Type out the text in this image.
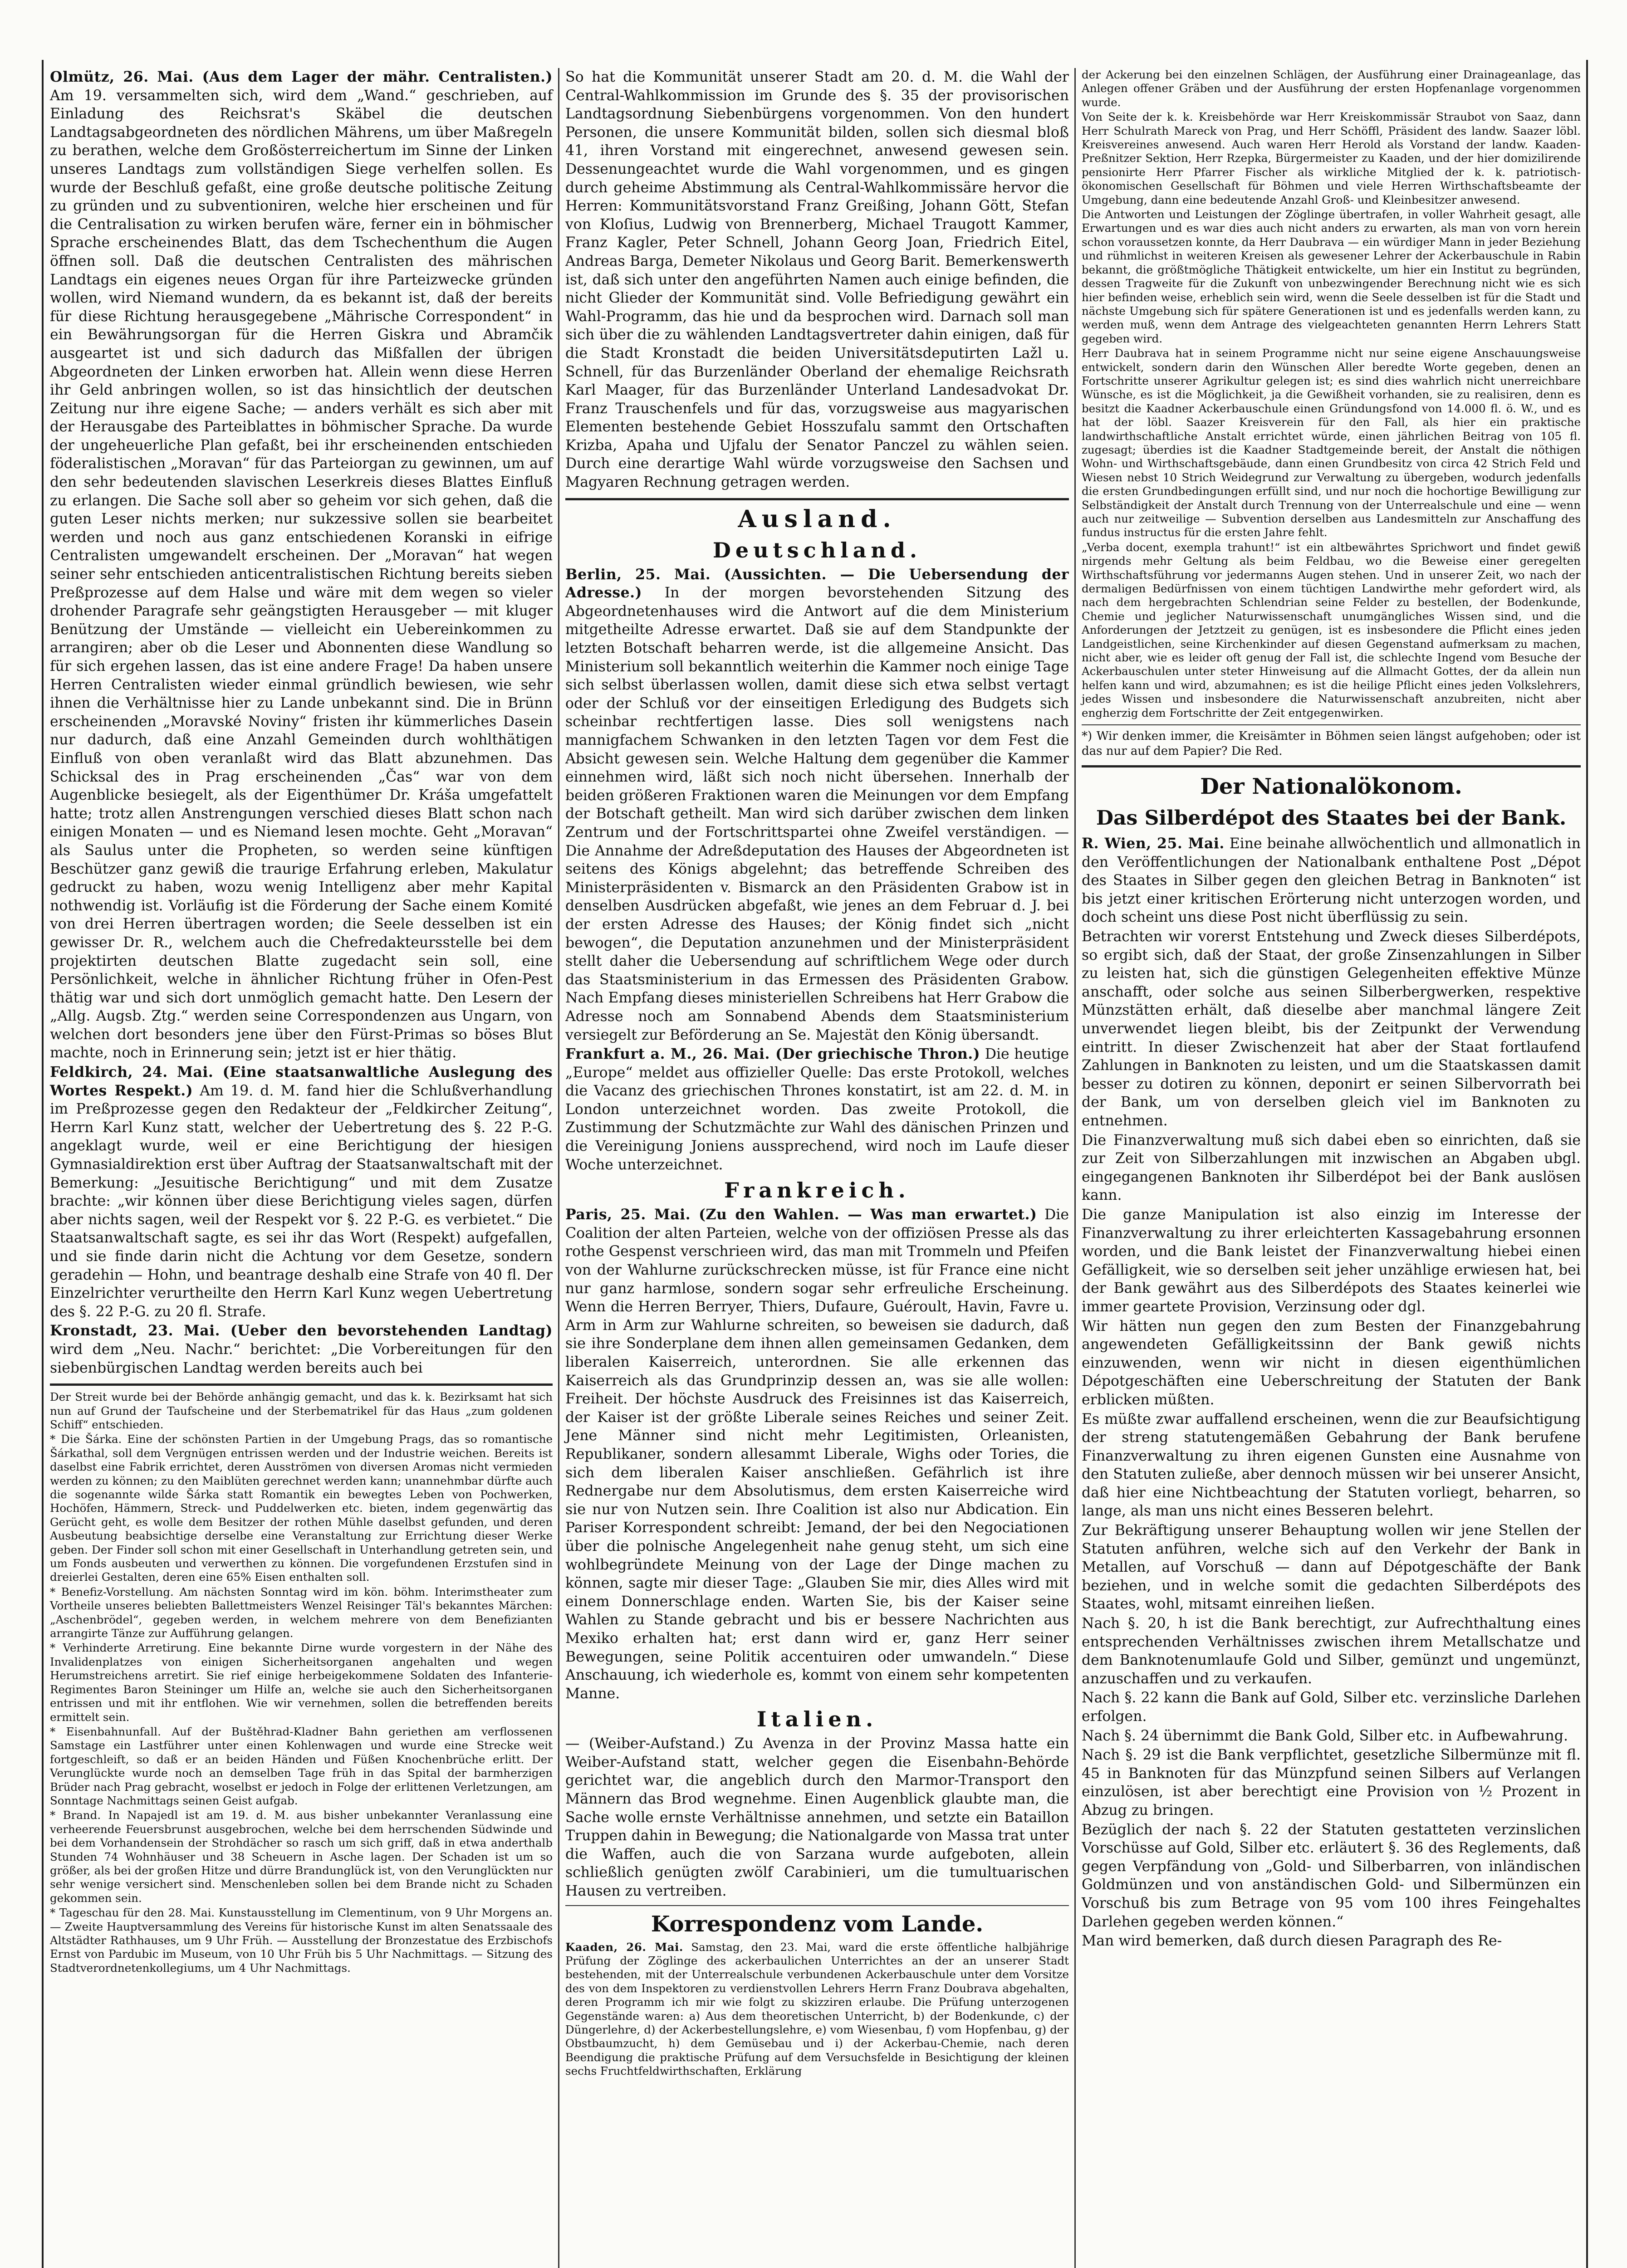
Olmütz, 26. Mai. (Aus dem Lager der mähr. Centralisten.) Am 19. versammelten sich, wird dem „Wand.“ geschrieben, auf Einladung des Reichsrat's Skäbel die deutschen Landtagsabgeordneten des nördlichen Mährens, um über Maßregeln zu berathen, welche dem Großösterreichertum im Sinne der Linken unseres Landtags zum vollständigen Siege verhelfen sollen. Es wurde der Beschluß gefaßt, eine große deutsche politische Zeitung zu gründen und zu subventioniren, welche hier erscheinen und für die Centralisation zu wirken berufen wäre, ferner ein in böhmischer Sprache erscheinendes Blatt, das dem Tschechenthum die Augen öffnen soll. Daß die deutschen Centralisten des mährischen Landtags ein eigenes neues Organ für ihre Parteizwecke gründen wollen, wird Niemand wundern, da es bekannt ist, daß der bereits für diese Richtung herausgegebene „Mährische Correspondent“ in ein Bewährungsorgan für die Herren Giskra und Abramčik ausgeartet ist und sich dadurch das Mißfallen der übrigen Abgeordneten der Linken erworben hat. Allein wenn diese Herren ihr Geld anbringen wollen, so ist das hinsichtlich der deutschen Zeitung nur ihre eigene Sache; — anders verhält es sich aber mit der Herausgabe des Parteiblattes in böhmischer Sprache. Da wurde der ungeheuerliche Plan gefaßt, bei ihr erscheinenden entschieden föderalistischen „Moravan“ für das Parteiorgan zu gewinnen, um auf den sehr bedeutenden slavischen Leserkreis dieses Blattes Einfluß zu erlangen. Die Sache soll aber so geheim vor sich gehen, daß die guten Leser nichts merken; nur sukzessive sollen sie bearbeitet werden und noch aus ganz entschiedenen Koranski in eifrige Centralisten umgewandelt erscheinen. Der „Moravan“ hat wegen seiner sehr entschieden anticentralistischen Richtung bereits sieben Preßprozesse auf dem Halse und wäre mit dem wegen so vieler drohender Paragrafe sehr geängstigten Herausgeber — mit kluger Benützung der Umstände — vielleicht ein Uebereinkommen zu arrangiren; aber ob die Leser und Abonnenten diese Wandlung so für sich ergehen lassen, das ist eine andere Frage! Da haben unsere Herren Centralisten wieder einmal gründlich bewiesen, wie sehr ihnen die Verhältnisse hier zu Lande unbekannt sind. Die in Brünn erscheinenden „Moravské Noviny“ fristen ihr kümmerliches Dasein nur dadurch, daß eine Anzahl Gemeinden durch wohlthätigen Einfluß von oben veranlaßt wird das Blatt abzunehmen. Das Schicksal des in Prag erscheinenden „Čas“ war von dem Augenblicke besiegelt, als der Eigenthümer Dr. Kráša umgefattelt hatte; trotz allen Anstrengungen verschied dieses Blatt schon nach einigen Monaten — und es Niemand lesen mochte. Geht „Moravan“ als Saulus unter die Propheten, so werden seine künftigen Beschützer ganz gewiß die traurige Erfahrung erleben, Makulatur gedruckt zu haben, wozu wenig Intelligenz aber mehr Kapital nothwendig ist. Vorläufig ist die Förderung der Sache einem Komité von drei Herren übertragen worden; die Seele desselben ist ein gewisser Dr. R., welchem auch die Chefredakteursstelle bei dem projektirten deutschen Blatte zugedacht sein soll, eine Persönlichkeit, welche in ähnlicher Richtung früher in Ofen-Pest thätig war und sich dort unmöglich gemacht hatte. Den Lesern der „Allg. Augsb. Ztg.“ werden seine Correspondenzen aus Ungarn, von welchen dort besonders jene über den Fürst-Primas so böses Blut machte, noch in Erinnerung sein; jetzt ist er hier thätig.

Feldkirch, 24. Mai. (Eine staatsanwaltliche Auslegung des Wortes Respekt.) Am 19. d. M. fand hier die Schlußverhandlung im Preßprozesse gegen den Redakteur der „Feldkircher Zeitung“, Herrn Karl Kunz statt, welcher der Uebertretung des §. 22 P.-G. angeklagt wurde, weil er eine Berichtigung der hiesigen Gymnasialdirektion erst über Auftrag der Staatsanwaltschaft mit der Bemerkung: „Jesuitische Berichtigung“ und mit dem Zusatze brachte: „wir können über diese Berichtigung vieles sagen, dürfen aber nichts sagen, weil der Respekt vor §. 22 P.-G. es verbietet.“ Die Staatsanwaltschaft sagte, es sei ihr das Wort (Respekt) aufgefallen, und sie finde darin nicht die Achtung vor dem Gesetze, sondern geradehin — Hohn, und beantrage deshalb eine Strafe von 40 fl. Der Einzelrichter verurtheilte den Herrn Karl Kunz wegen Uebertretung des §. 22 P.-G. zu 20 fl. Strafe.

Kronstadt, 23. Mai. (Ueber den bevorstehenden Landtag) wird dem „Neu. Nachr.“ berichtet: „Die Vorbereitungen für den siebenbürgischen Landtag werden bereits auch bei

Der Streit wurde bei der Behörde anhängig gemacht, und das k. k. Bezirksamt hat sich nun auf Grund der Taufscheine und der Sterbematrikel für das Haus „zum goldenen Schiff“ entschieden.

* Die Šárka. Eine der schönsten Partien in der Umgebung Prags, das so romantische Šárkathal, soll dem Vergnügen entrissen werden und der Industrie weichen. Bereits ist daselbst eine Fabrik errichtet, deren Ausströmen von diversen Aromas nicht vermieden werden zu können; zu den Maiblüten gerechnet werden kann; unannehmbar dürfte auch die sogenannte wilde Šárka statt Romantik ein bewegtes Leben von Pochwerken, Hochöfen, Hämmern, Streck- und Puddelwerken etc. bieten, indem gegenwärtig das Gerücht geht, es wolle dem Besitzer der rothen Mühle daselbst gefunden, und deren Ausbeutung beabsichtige derselbe eine Veranstaltung zur Errichtung dieser Werke geben. Der Finder soll schon mit einer Gesellschaft in Unterhandlung getreten sein, und um Fonds ausbeuten und verwerthen zu können. Die vorgefundenen Erzstufen sind in dreierlei Gestalten, deren eine 65% Eisen enthalten soll.

* Benefiz-Vorstellung. Am nächsten Sonntag wird im kön. böhm. Interimstheater zum Vortheile unseres beliebten Ballettmeisters Wenzel Reisinger Täl's bekanntes Märchen: „Aschenbrödel“, gegeben werden, in welchem mehrere von dem Benefizianten arrangirte Tänze zur Aufführung gelangen.

* Verhinderte Arretirung. Eine bekannte Dirne wurde vorgestern in der Nähe des Invalidenplatzes von einigen Sicherheitsorganen angehalten und wegen Herumstreichens arretirt. Sie rief einige herbeigekommene Soldaten des Infanterie-Regimentes Baron Steininger um Hilfe an, welche sie auch den Sicherheitsorganen entrissen und mit ihr entflohen. Wie wir vernehmen, sollen die betreffenden bereits ermittelt sein.

* Eisenbahnunfall. Auf der Buštěhrad-Kladner Bahn geriethen am verflossenen Samstage ein Lastführer unter einen Kohlenwagen und wurde eine Strecke weit fortgeschleift, so daß er an beiden Händen und Füßen Knochenbrüche erlitt. Der Verunglückte wurde noch an demselben Tage früh in das Spital der barmherzigen Brüder nach Prag gebracht, woselbst er jedoch in Folge der erlittenen Verletzungen, am Sonntage Nachmittags seinen Geist aufgab.

* Brand. In Napajedl ist am 19. d. M. aus bisher unbekannter Veranlassung eine verheerende Feuersbrunst ausgebrochen, welche bei dem herrschenden Südwinde und bei dem Vorhandensein der Strohdächer so rasch um sich griff, daß in etwa anderthalb Stunden 74 Wohnhäuser und 38 Scheuern in Asche lagen. Der Schaden ist um so größer, als bei der großen Hitze und dürre Brandunglück ist, von den Verunglückten nur sehr wenige versichert sind. Menschenleben sollen bei dem Brande nicht zu Schaden gekommen sein.

* Tageschau für den 28. Mai. Kunstausstellung im Clementinum, von 9 Uhr Morgens an. — Zweite Hauptversammlung des Vereins für historische Kunst im alten Senatssaale des Altstädter Rathhauses, um 9 Uhr Früh. — Ausstellung der Bronzestatue des Erzbischofs Ernst von Pardubic im Museum, von 10 Uhr Früh bis 5 Uhr Nachmittags. — Sitzung des Stadtverordnetenkollegiums, um 4 Uhr Nachmittags.

So hat die Kommunität unserer Stadt am 20. d. M. die Wahl der Central-Wahlkommission im Grunde des §. 35 der provisorischen Landtagsordnung Siebenbürgens vorgenommen. Von den hundert Personen, die unsere Kommunität bilden, sollen sich diesmal bloß 41, ihren Vorstand mit eingerechnet, anwesend gewesen sein. Dessenungeachtet wurde die Wahl vorgenommen, und es gingen durch geheime Abstimmung als Central-Wahlkommissäre hervor die Herren: Kommunitätsvorstand Franz Greißing, Johann Gött, Stefan von Kloſius, Ludwig von Brennerberg, Michael Traugott Kammer, Franz Kagler, Peter Schnell, Johann Georg Joan, Friedrich Eitel, Andreas Barga, Demeter Nikolaus und Georg Barit. Bemerkenswerth ist, daß sich unter den angeführten Namen auch einige befinden, die nicht Glieder der Kommunität sind. Volle Befriedigung gewährt ein Wahl-Programm, das hie und da besprochen wird. Darnach soll man sich über die zu wählenden Landtagsvertreter dahin einigen, daß für die Stadt Kronstadt die beiden Universitätsdeputirten Lažl u. Schnell, für das Burzenländer Oberland der ehemalige Reichsrath Karl Maager, für das Burzenländer Unterland Landesadvokat Dr. Franz Trauschenfels und für das, vorzugsweise aus magyarischen Elementen bestehende Gebiet Hosszufalu sammt den Ortschaften Krizba, Apaha und Ujfalu der Senator Panczel zu wählen seien. Durch eine derartige Wahl würde vorzugsweise den Sachsen und Magyaren Rechnung getragen werden.

Ausland.
Deutschland.

Berlin, 25. Mai. (Aussichten. — Die Uebersendung der Adresse.) In der morgen bevorstehenden Sitzung des Abgeordnetenhauses wird die Antwort auf die dem Ministerium mitgetheilte Adresse erwartet. Daß sie auf dem Standpunkte der letzten Botschaft beharren werde, ist die allgemeine Ansicht. Das Ministerium soll bekanntlich weiterhin die Kammer noch einige Tage sich selbst überlassen wollen, damit diese sich etwa selbst vertagt oder der Schluß vor der einseitigen Erledigung des Budgets sich scheinbar rechtfertigen lasse. Dies soll wenigstens nach mannigfachem Schwanken in den letzten Tagen vor dem Fest die Absicht gewesen sein. Welche Haltung dem gegenüber die Kammer einnehmen wird, läßt sich noch nicht übersehen. Innerhalb der beiden größeren Fraktionen waren die Meinungen vor dem Empfang der Botschaft getheilt. Man wird sich darüber zwischen dem linken Zentrum und der Fortschrittspartei ohne Zweifel verständigen. — Die Annahme der Adreßdeputation des Hauses der Abgeordneten ist seitens des Königs abgelehnt; das betreffende Schreiben des Ministerpräsidenten v. Bismarck an den Präsidenten Grabow ist in denselben Ausdrücken abgefaßt, wie jenes an dem Februar d. J. bei der ersten Adresse des Hauses; der König findet sich „nicht bewogen“, die Deputation anzunehmen und der Ministerpräsident stellt daher die Uebersendung auf schriftlichem Wege oder durch das Staatsministerium in das Ermessen des Präsidenten Grabow. Nach Empfang dieses ministeriellen Schreibens hat Herr Grabow die Adresse noch am Sonnabend Abends dem Staatsministerium versiegelt zur Beförderung an Se. Majestät den König übersandt.

Frankfurt a. M., 26. Mai. (Der griechische Thron.) Die heutige „Europe“ meldet aus offizieller Quelle: Das erste Protokoll, welches die Vacanz des griechischen Thrones konstatirt, ist am 22. d. M. in London unterzeichnet worden. Das zweite Protokoll, die Zustimmung der Schutzmächte zur Wahl des dänischen Prinzen und die Vereinigung Joniens aussprechend, wird noch im Laufe dieser Woche unterzeichnet.

Frankreich.

Paris, 25. Mai. (Zu den Wahlen. — Was man erwartet.) Die Coalition der alten Parteien, welche von der offiziösen Presse als das rothe Gespenst verschrieen wird, das man mit Trommeln und Pfeifen von der Wahlurne zurückschrecken müsse, ist für France eine nicht nur ganz harmlose, sondern sogar sehr erfreuliche Erscheinung. Wenn die Herren Berryer, Thiers, Dufaure, Guéroult, Havin, Favre u. Arm in Arm zur Wahlurne schreiten, so beweisen sie dadurch, daß sie ihre Sonderplane dem ihnen allen gemeinsamen Gedanken, dem liberalen Kaiserreich, unterordnen. Sie alle erkennen das Kaiserreich als das Grundprinzip dessen an, was sie alle wollen: Freiheit. Der höchste Ausdruck des Freisinnes ist das Kaiserreich, der Kaiser ist der größte Liberale seines Reiches und seiner Zeit. Jene Männer sind nicht mehr Legitimisten, Orleanisten, Republikaner, sondern allesammt Liberale, Wighs oder Tories, die sich dem liberalen Kaiser anschließen. Gefährlich ist ihre Rednergabe nur dem Absolutismus, dem ersten Kaiserreiche wird sie nur von Nutzen sein. Ihre Coalition ist also nur Abdication. Ein Pariser Korrespondent schreibt: Jemand, der bei den Negociationen über die polnische Angelegenheit nahe genug steht, um sich eine wohlbegründete Meinung von der Lage der Dinge machen zu können, sagte mir dieser Tage: „Glauben Sie mir, dies Alles wird mit einem Donnerschlage enden. Warten Sie, bis der Kaiser seine Wahlen zu Stande gebracht und bis er bessere Nachrichten aus Mexiko erhalten hat; erst dann wird er, ganz Herr seiner Bewegungen, seine Politik accentuiren oder umwandeln.“ Diese Anschauung, ich wiederhole es, kommt von einem sehr kompetenten Manne.

Italien.

— (Weiber-Aufstand.) Zu Avenza in der Provinz Massa hatte ein Weiber-Aufstand statt, welcher gegen die Eisenbahn-Behörde gerichtet war, die angeblich durch den Marmor-Transport den Männern das Brod wegnehme. Einen Augenblick glaubte man, die Sache wolle ernste Verhältnisse annehmen, und setzte ein Bataillon Truppen dahin in Bewegung; die Nationalgarde von Massa trat unter die Waffen, auch die von Sarzana wurde aufgeboten, allein schließlich genügten zwölf Carabinieri, um die tumultuarischen Hausen zu vertreiben.

Korrespondenz vom Lande.

Kaaden, 26. Mai. Samstag, den 23. Mai, ward die erste öffentliche halbjährige Prüfung der Zöglinge des ackerbaulichen Unterrichtes an der an unserer Stadt bestehenden, mit der Unterrealschule verbundenen Ackerbauschule unter dem Vorsitze des von dem Inspektoren zu verdienstvollen Lehrers Herrn Franz Doubrava abgehalten, deren Programm ich mir wie folgt zu skizziren erlaube. Die Prüfung unterzogenen Gegenstände waren: a) Aus dem theoretischen Unterricht, b) der Bodenkunde, c) der Düngerlehre, d) der Ackerbestellungslehre, e) vom Wiesenbau, f) vom Hopfenbau, g) der Obstbaumzucht, h) dem Gemüsebau und i) der Ackerbau-Chemie, nach deren Beendigung die praktische Prüfung auf dem Versuchsfelde in Besichtigung der kleinen sechs Fruchtfeldwirthschaften, Erklärung

der Ackerung bei den einzelnen Schlägen, der Ausführung einer Drainageanlage, das Anlegen offener Gräben und der Ausführung der ersten Hopfenanlage vorgenommen wurde.

Von Seite der k. k. Kreisbehörde war Herr Kreiskommissär Straubot von Saaz, dann Herr Schulrath Mareck von Prag, und Herr Schöffl, Präsident des landw. Saazer löbl. Kreisvereines anwesend. Auch waren Herr Herold als Vorstand der landw. Kaaden-Preßnitzer Sektion, Herr Rzepka, Bürgermeister zu Kaaden, und der hier domizilirende pensionirte Herr Pfarrer Fischer als wirkliche Mitglied der k. k. patriotisch-ökonomischen Gesellschaft für Böhmen und viele Herren Wirthschaftsbeamte der Umgebung, dann eine bedeutende Anzahl Groß- und Kleinbesitzer anwesend.

Die Antworten und Leistungen der Zöglinge übertrafen, in voller Wahrheit gesagt, alle Erwartungen und es war dies auch nicht anders zu erwarten, als man von vorn herein schon voraussetzen konnte, da Herr Daubrava — ein würdiger Mann in jeder Beziehung und rühmlichst in weiteren Kreisen als gewesener Lehrer der Ackerbauschule in Rabin bekannt, die größtmögliche Thätigkeit entwickelte, um hier ein Institut zu begründen, dessen Tragweite für die Zukunft von unbezwingender Berechnung nicht wie es sich hier befinden weise, erheblich sein wird, wenn die Seele desselben ist für die Stadt und nächste Umgebung sich für spätere Generationen ist und es jedenfalls werden kann, zu werden muß, wenn dem Antrage des vielgeachteten genannten Herrn Lehrers Statt gegeben wird.

Herr Daubrava hat in seinem Programme nicht nur seine eigene Anschauungsweise entwickelt, sondern darin den Wünschen Aller beredte Worte gegeben, denen an Fortschritte unserer Agrikultur gelegen ist; es sind dies wahrlich nicht unerreichbare Wünsche, es ist die Möglichkeit, ja die Gewißheit vorhanden, sie zu realisiren, denn es besitzt die Kaadner Ackerbauschule einen Gründungsfond von 14.000 fl. ö. W., und es hat der löbl. Saazer Kreisverein für den Fall, als hier ein praktische landwirthschaftliche Anstalt errichtet würde, einen jährlichen Beitrag von 105 fl. zugesagt; überdies ist die Kaadner Stadtgemeinde bereit, der Anstalt die nöthigen Wohn- und Wirthschaftsgebäude, dann einen Grundbesitz von circa 42 Strich Feld und Wiesen nebst 10 Strich Weidegrund zur Verwaltung zu übergeben, wodurch jedenfalls die ersten Grundbedingungen erfüllt sind, und nur noch die hochortige Bewilligung zur Selbständigkeit der Anstalt durch Trennung von der Unterrealschule und eine — wenn auch nur zeitweilige — Subvention derselben aus Landesmitteln zur Anschaffung des fundus instructus für die ersten Jahre fehlt.

„Verba docent, exempla trahunt!“ ist ein altbewährtes Sprichwort und findet gewiß nirgends mehr Geltung als beim Feldbau, wo die Beweise einer geregelten Wirthschaftsführung vor jedermanns Augen stehen. Und in unserer Zeit, wo nach der dermaligen Bedürfnissen von einem tüchtigen Landwirthe mehr gefordert wird, als nach dem hergebrachten Schlendrian seine Felder zu bestellen, der Bodenkunde, Chemie und jeglicher Naturwissenschaft unumgängliches Wissen sind, und die Anforderungen der Jetztzeit zu genügen, ist es insbesondere die Pflicht eines jeden Landgeistlichen, seine Kirchenkinder auf diesen Gegenstand aufmerksam zu machen, nicht aber, wie es leider oft genug der Fall ist, die schlechte Ingend vom Besuche der Ackerbauschulen unter steter Hinweisung auf die Allmacht Gottes, der da allein nun helfen kann und wird, abzumahnen; es ist die heilige Pflicht eines jeden Volkslehrers, jedes Wissen und insbesondere die Naturwissenschaft anzubreiten, nicht aber engherzig dem Fortschritte der Zeit entgegenwirken.

*) Wir denken immer, die Kreisämter in Böhmen seien längst aufgehoben; oder ist das nur auf dem Papier? Die Red.

Der Nationalökonom.
Das Silberdépot des Staates bei der Bank.

R. Wien, 25. Mai. Eine beinahe allwöchentlich und allmonatlich in den Veröffentlichungen der Nationalbank enthaltene Post „Dépot des Staates in Silber gegen den gleichen Betrag in Banknoten“ ist bis jetzt einer kritischen Erörterung nicht unterzogen worden, und doch scheint uns diese Post nicht überflüssig zu sein.

Betrachten wir vorerst Entstehung und Zweck dieses Silberdépots, so ergibt sich, daß der Staat, der große Zinsenzahlungen in Silber zu leisten hat, sich die günstigen Gelegenheiten effektive Münze anschafft, oder solche aus seinen Silberbergwerken, respektive Münzstätten erhält, daß dieselbe aber manchmal längere Zeit unverwendet liegen bleibt, bis der Zeitpunkt der Verwendung eintritt. In dieser Zwischenzeit hat aber der Staat fortlaufend Zahlungen in Banknoten zu leisten, und um die Staatskassen damit besser zu dotiren zu können, deponirt er seinen Silbervorrath bei der Bank, um von derselben gleich viel im Banknoten zu entnehmen.

Die Finanzverwaltung muß sich dabei eben so einrichten, daß sie zur Zeit von Silberzahlungen mit inzwischen an Abgaben ubgl. eingegangenen Banknoten ihr Silberdépot bei der Bank auslösen kann.

Die ganze Manipulation ist also einzig im Interesse der Finanzverwaltung zu ihrer erleichterten Kassagebahrung ersonnen worden, und die Bank leistet der Finanzverwaltung hiebei einen Gefälligkeit, wie so derselben seit jeher unzählige erwiesen hat, bei der Bank gewährt aus des Silberdépots des Staates keinerlei wie immer geartete Provision, Verzinsung oder dgl.

Wir hätten nun gegen den zum Besten der Finanzgebahrung angewendeten Gefälligkeitssinn der Bank gewiß nichts einzuwenden, wenn wir nicht in diesen eigenthümlichen Dépotgeschäften eine Ueberschreitung der Statuten der Bank erblicken müßten.

Es müßte zwar auffallend erscheinen, wenn die zur Beaufsichtigung der streng statutengemäßen Gebahrung der Bank berufene Finanzverwaltung zu ihren eigenen Gunsten eine Ausnahme von den Statuten zuließe, aber dennoch müssen wir bei unserer Ansicht, daß hier eine Nichtbeachtung der Statuten vorliegt, beharren, so lange, als man uns nicht eines Besseren belehrt.

Zur Bekräftigung unserer Behauptung wollen wir jene Stellen der Statuten anführen, welche sich auf den Verkehr der Bank in Metallen, auf Vorschuß — dann auf Dépotgeschäfte der Bank beziehen, und in welche somit die gedachten Silberdépots des Staates, wohl, mitsamt einreihen ließen.

Nach §. 20, h ist die Bank berechtigt, zur Aufrechthaltung eines entsprechenden Verhältnisses zwischen ihrem Metallschatze und dem Banknotenumlaufe Gold und Silber, gemünzt und ungemünzt, anzuschaffen und zu verkaufen.

Nach §. 22 kann die Bank auf Gold, Silber etc. verzinsliche Darlehen erfolgen.

Nach §. 24 übernimmt die Bank Gold, Silber etc. in Aufbewahrung.

Nach §. 29 ist die Bank verpflichtet, gesetzliche Silbermünze mit fl. 45 in Banknoten für das Münzpfund seinen Silbers auf Verlangen einzulösen, ist aber berechtigt eine Provision von ½ Prozent in Abzug zu bringen.

Bezüglich der nach §. 22 der Statuten gestatteten verzinslichen Vorschüsse auf Gold, Silber etc. erläutert §. 36 des Reglements, daß gegen Verpfändung von „Gold- und Silberbarren, von inländischen Goldmünzen und von anständischen Gold- und Silbermünzen ein Vorschuß bis zum Betrage von 95 vom 100 ihres Feingehaltes Darlehen gegeben werden können.“

Man wird bemerken, daß durch diesen Paragraph des Re-
